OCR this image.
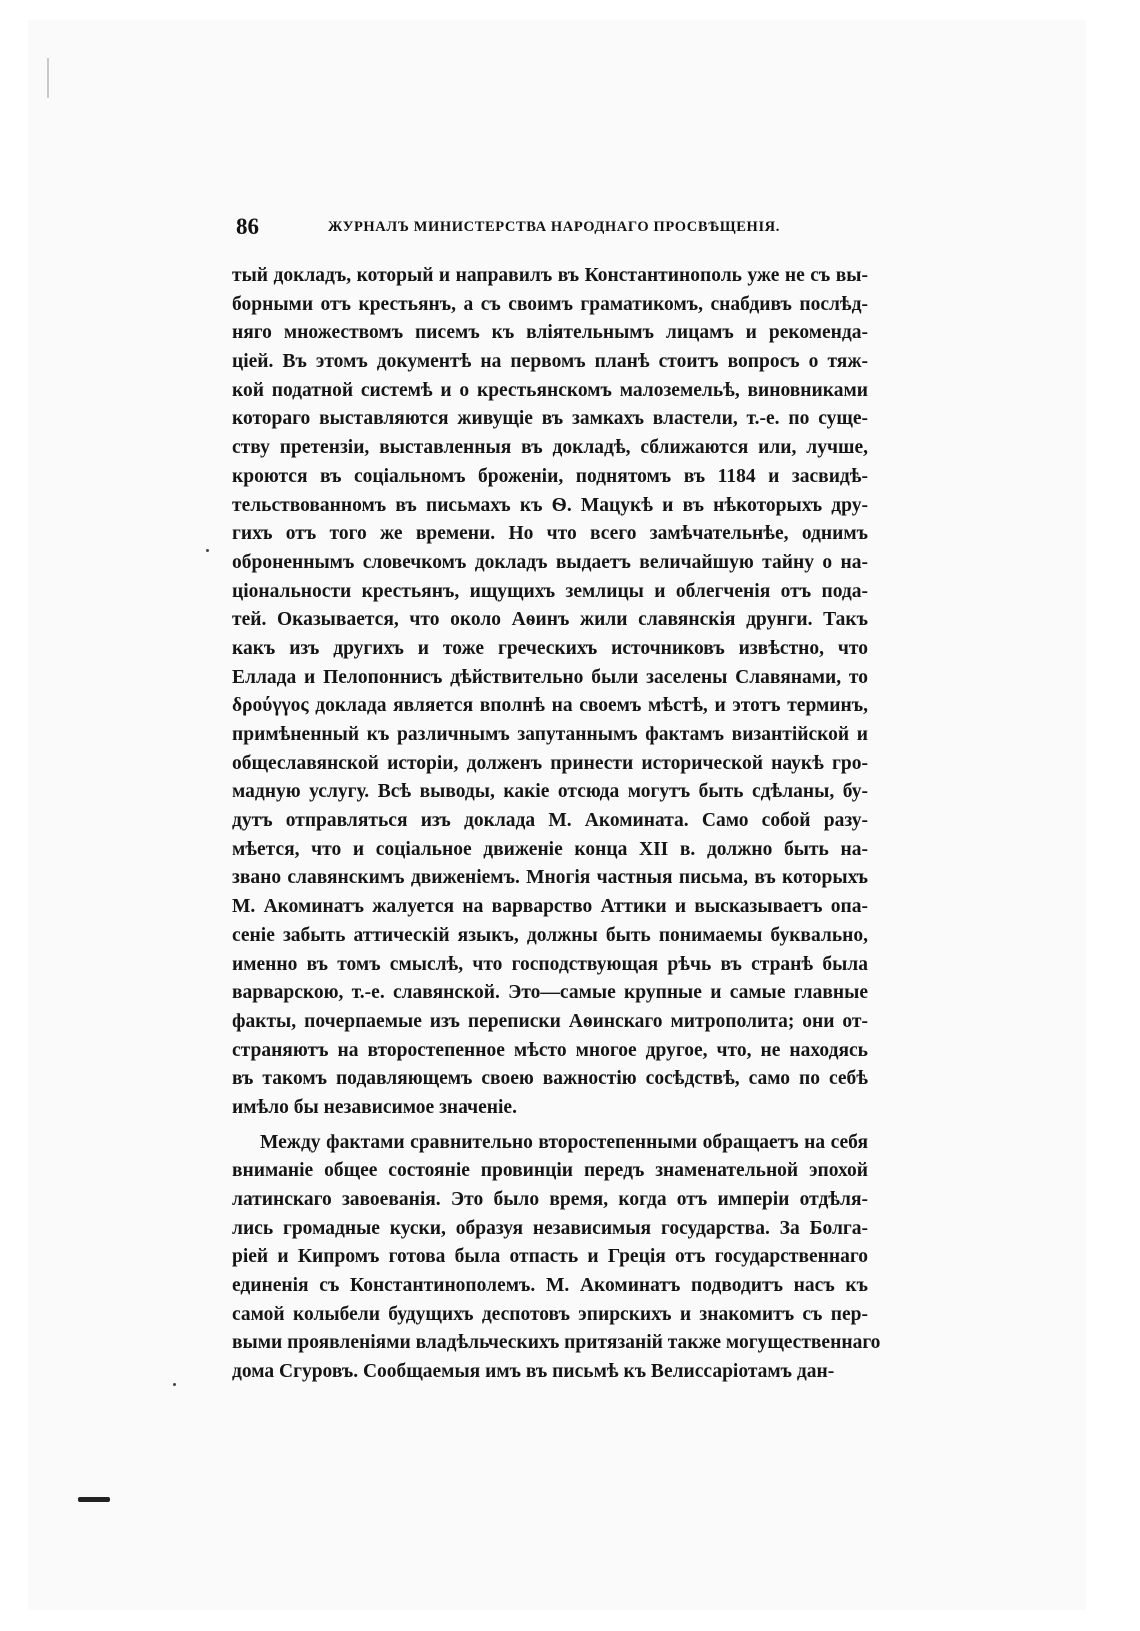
86	ЖУРНАЛЪ МИНИСТЕРСТВА НАРОДНАГО ПРОСВѢЩЕНІЯ.
тый докладъ, который и направилъ въ Константинополь уже не съ вы-
борными отъ крестьянъ, а съ своимъ граматикомъ, снабдивъ послѣд-
няго множествомъ писемъ къ вліятельнымъ лицамъ и рекоменда-
ціей. Въ этомъ документѣ на первомъ планѣ стоитъ вопросъ о тяж-
кой податной системѣ и о крестьянскомъ малоземельѣ, виновниками
котораго выставляются живущіе въ замкахъ властели, т.-е. по суще-
ству претензіи, выставленныя въ докладѣ, сближаются или, лучше,
кроются въ соціальномъ броженіи, поднятомъ въ 1184 и засвидѣ-
тельствованномъ въ письмахъ къ Ѳ. Мацукѣ и въ нѣкоторыхъ дру-
гихъ отъ того же времени. Но что всего замѣчательнѣе, однимъ
оброненнымъ словечкомъ докладъ выдаетъ величайшую тайну о на-
ціональности крестьянъ, ищущихъ землицы и облегченія отъ пода-
тей. Оказывается, что около Аѳинъ жили славянскія друнги. Такъ
какъ изъ другихъ и тоже греческихъ источниковъ извѣстно, что
Еллада и Пелопоннисъ дѣйствительно были заселены Славянами, то
δρούγγος доклада является вполнѣ на своемъ мѣстѣ, и этотъ терминъ,
примѣненный къ различнымъ запутаннымъ фактамъ византійской и
общеславянской исторіи, долженъ принести исторической наукѣ гро-
мадную услугу. Всѣ выводы, какіе отсюда могутъ быть сдѣланы, бу-
дутъ отправляться изъ доклада М. Акомината. Само собой разу-
мѣется, что и соціальное движеніе конца XII в. должно быть на-
звано славянскимъ движеніемъ. Многія частныя письма, въ которыхъ
М. Акоминатъ жалуется на варварство Аттики и высказываетъ опа-
сеніе забыть аттическій языкъ, должны быть понимаемы буквально,
именно въ томъ смыслѣ, что господствующая рѣчь въ странѣ была
варварскою, т.-е. славянской. Это—самые крупные и самые главные
факты, почерпаемые изъ переписки Аѳинскаго митрополита; они от-
страняютъ на второстепенное мѣсто многое другое, что, не находясь
въ такомъ подавляющемъ своею важностію сосѣдствѣ, само по себѣ
имѣло бы независимое значеніе.
Между фактами сравнительно второстепенными обращаетъ на себя
вниманіе общее состояніе провинціи передъ знаменательной эпохой
латинскаго завоеванія. Это было время, когда отъ имперіи отдѣля-
лись громадные куски, образуя независимыя государства. За Болга-
ріей и Кипромъ готова была отпасть и Греція отъ государственнаго
единенія съ Константинополемъ. М. Акоминатъ подводитъ насъ къ
самой колыбели будущихъ деспотовъ эпирскихъ и знакомитъ съ пер-
выми проявленіями владѣльческихъ притязаній также могущественнаго
дома Сгуровъ. Сообщаемыя имъ въ письмѣ къ Велиссаріотамъ дан-
